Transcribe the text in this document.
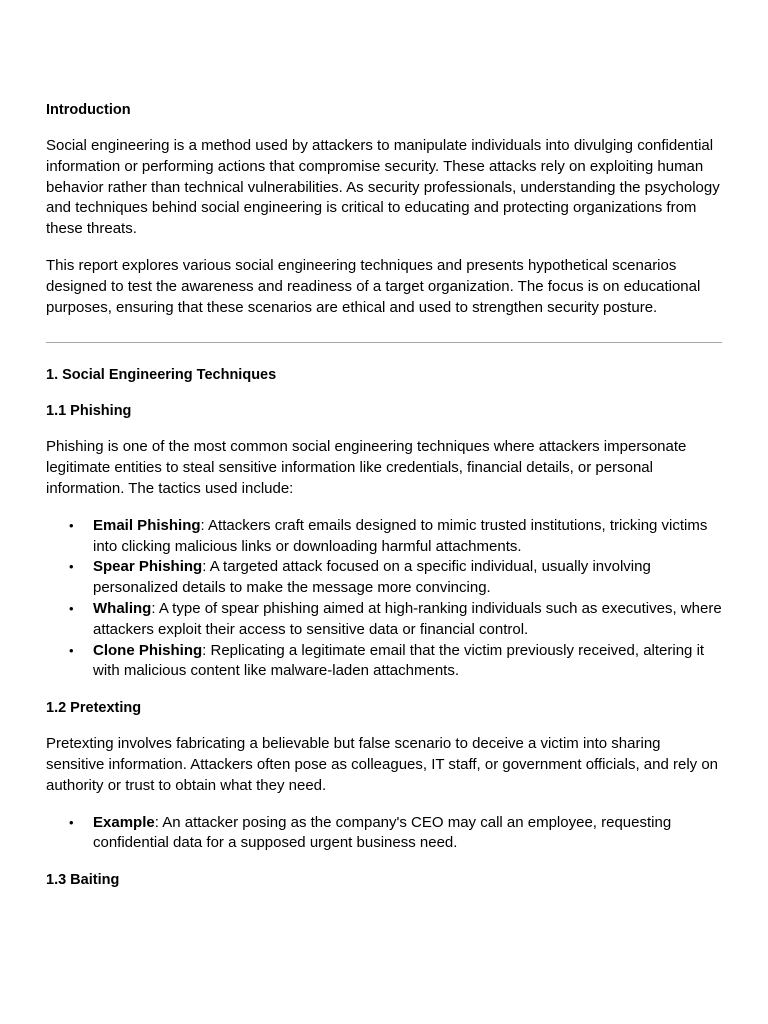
Introduction

Social engineering is a method used by attackers to manipulate individuals into divulging confidential information or performing actions that compromise security. These attacks rely on exploiting human behavior rather than technical vulnerabilities. As security professionals, understanding the psychology and techniques behind social engineering is critical to educating and protecting organizations from these threats.

This report explores various social engineering techniques and presents hypothetical scenarios designed to test the awareness and readiness of a target organization. The focus is on educational purposes, ensuring that these scenarios are ethical and used to strengthen security posture.

1. Social Engineering Techniques
1.1 Phishing

Phishing is one of the most common social engineering techniques where attackers impersonate legitimate entities to steal sensitive information like credentials, financial details, or personal information. The tactics used include:

• Email Phishing: Attackers craft emails designed to mimic trusted institutions, tricking victims into clicking malicious links or downloading harmful attachments.
• Spear Phishing: A targeted attack focused on a specific individual, usually involving personalized details to make the message more convincing.
• Whaling: A type of spear phishing aimed at high-ranking individuals such as executives, where attackers exploit their access to sensitive data or financial control.
• Clone Phishing: Replicating a legitimate email that the victim previously received, altering it with malicious content like malware-laden attachments.
1.2 Pretexting

Pretexting involves fabricating a believable but false scenario to deceive a victim into sharing sensitive information. Attackers often pose as colleagues, IT staff, or government officials, and rely on authority or trust to obtain what they need.

• Example: An attacker posing as the company's CEO may call an employee, requesting confidential data for a supposed urgent business need.
1.3 Baiting
